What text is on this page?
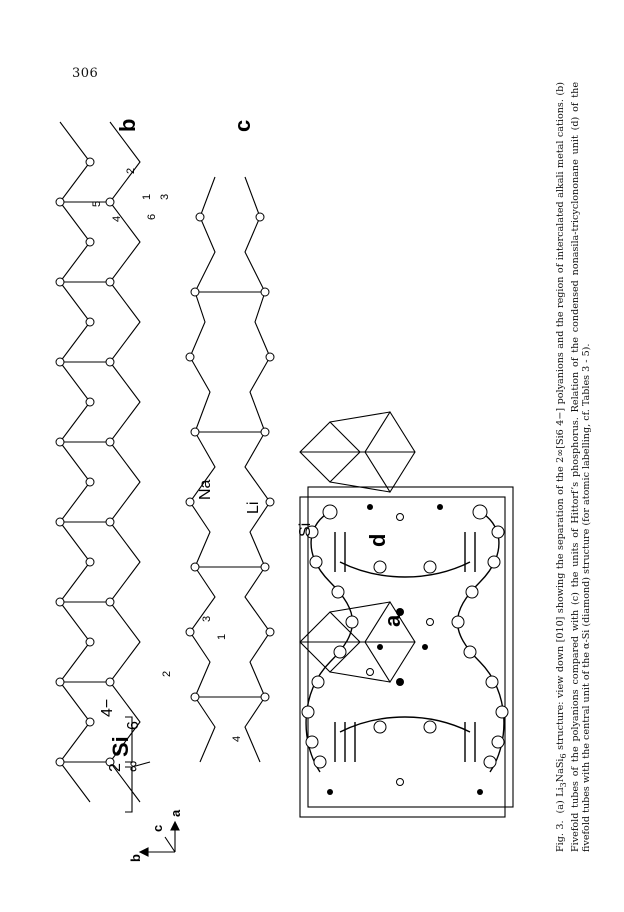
306
b	c
d
a
Na
Li
Si
b
a
c
1
2
3
4
5
6
2
3
1
4
2 ∞
Si
6
4−
Fig. 3.  (a) $Li_3NaSi_6$ structure: view down [010] showing the separation of the 2∞[Si6 4−] polyanions and the region of intercalated alkali metal cations. (b) Fivefold tubes of the polyanions compared with (c) the units of Hittorf’s phosphorus. Relation of the condensed nonasila-tricyclononane unit (d) of the fivefold tubes with the central unit of the α-Si (diamond) structure (for atomic labelling, cf. Tables 3 - 5).
